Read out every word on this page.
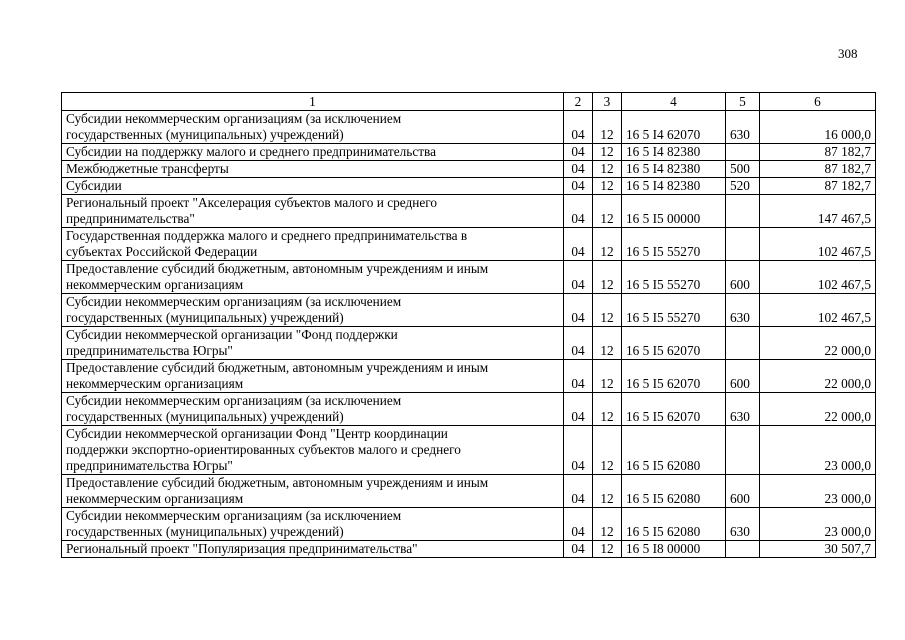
308
1	2	3	4	5	6
Субсидии некоммерческим организациям (за исключением
государственных (муниципальных) учреждений)	04	12	16 5 I4 62070	630	16 000,0
Субсидии на поддержку малого и среднего предпринимательства	04	12	16 5 I4 82380		87 182,7
Межбюджетные трансферты	04	12	16 5 I4 82380	500	87 182,7
Субсидии	04	12	16 5 I4 82380	520	87 182,7
Региональный проект "Акселерация субъектов малого и среднего
предпринимательства"	04	12	16 5 I5 00000		147 467,5
Государственная поддержка малого и среднего предпринимательства в
субъектах Российской Федерации	04	12	16 5 I5 55270		102 467,5
Предоставление субсидий бюджетным, автономным учреждениям и иным
некоммерческим организациям	04	12	16 5 I5 55270	600	102 467,5
Субсидии некоммерческим организациям (за исключением
государственных (муниципальных) учреждений)	04	12	16 5 I5 55270	630	102 467,5
Субсидии некоммерческой организации "Фонд поддержки
предпринимательства Югры"	04	12	16 5 I5 62070		22 000,0
Предоставление субсидий бюджетным, автономным учреждениям и иным
некоммерческим организациям	04	12	16 5 I5 62070	600	22 000,0
Субсидии некоммерческим организациям (за исключением
государственных (муниципальных) учреждений)	04	12	16 5 I5 62070	630	22 000,0
Субсидии некоммерческой организации Фонд "Центр координации
поддержки экспортно-ориентированных субъектов малого и среднего
предпринимательства Югры"	04	12	16 5 I5 62080		23 000,0
Предоставление субсидий бюджетным, автономным учреждениям и иным
некоммерческим организациям	04	12	16 5 I5 62080	600	23 000,0
Субсидии некоммерческим организациям (за исключением
государственных (муниципальных) учреждений)	04	12	16 5 I5 62080	630	23 000,0
Региональный проект "Популяризация предпринимательства"	04	12	16 5 I8 00000		30 507,7
